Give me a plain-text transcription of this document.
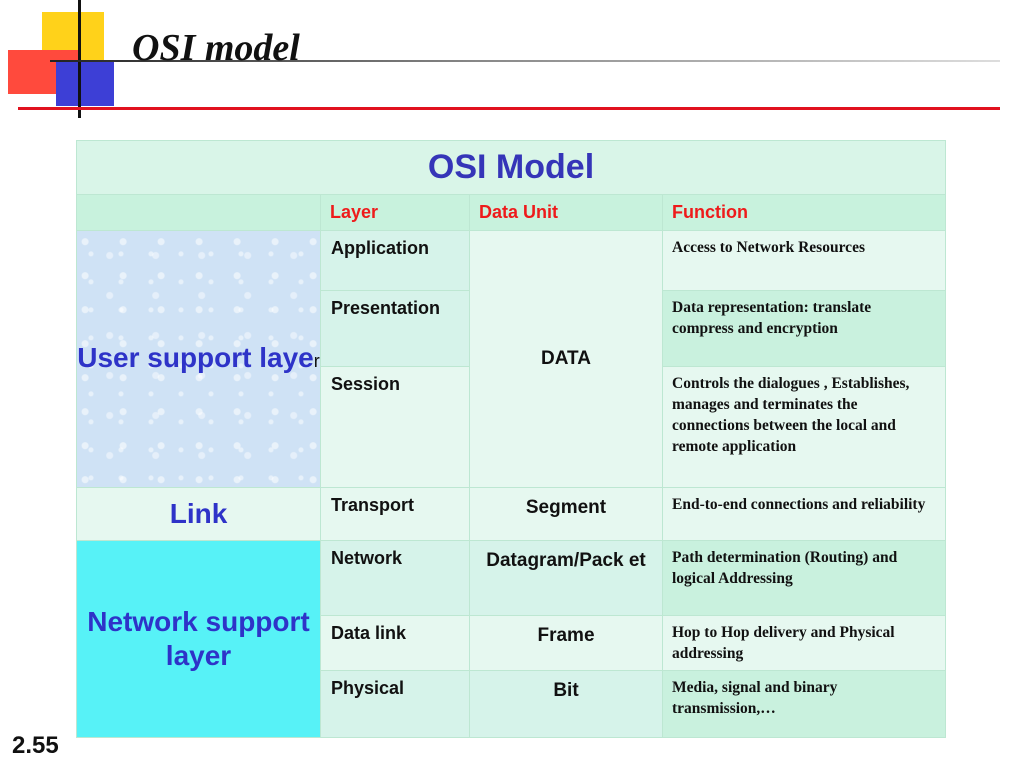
OSI model
OSI Model			
	Layer	Data Unit	Function
User support layer	Application	DATA	Access to Network Resources
	Presentation		Data representation: translate compress and encryption
	Session		Controls the dialogues , Establishes, manages and terminates the connections between the local and remote application
Link	Transport	Segment	End-to-end connections and reliability
Network support layer	Network	Datagram/Pack et	Path determination (Routing) and logical Addressing
	Data link	Frame	Hop to Hop delivery and Physical addressing
	Physical	Bit	Media, signal and binary transmission,…
2.55
